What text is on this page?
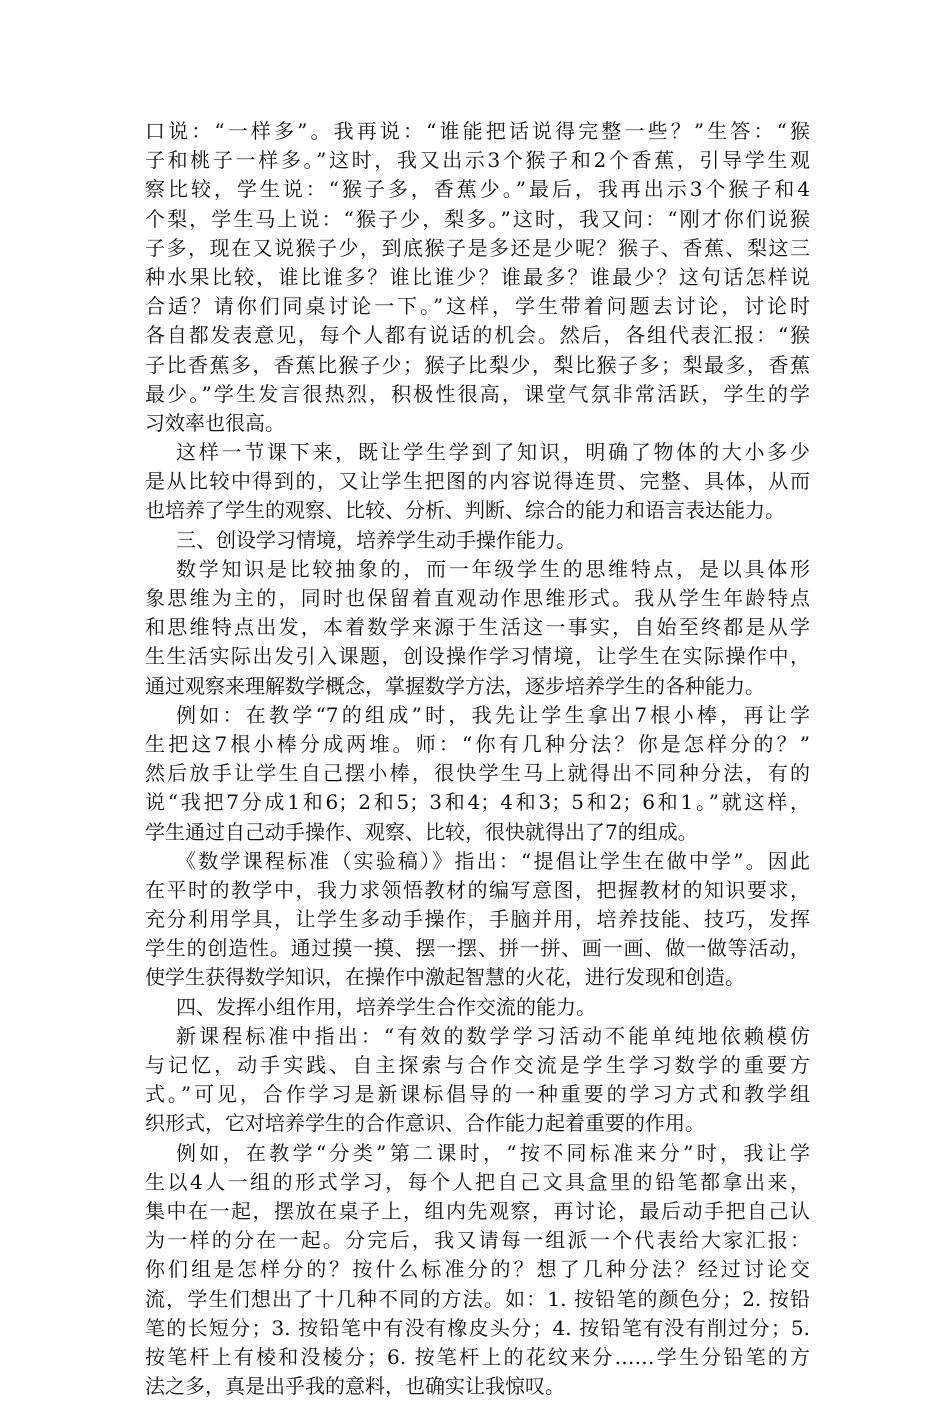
口说：“一样多”。我再说：“谁能把话说得完整一些？”生答：“猴
子和桃子一样多。”这时，我又出示3个猴子和2个香蕉，引导学生观
察比较，学生说：“猴子多，香蕉少。”最后，我再出示3个猴子和4
个梨，学生马上说：“猴子少，梨多。”这时，我又问：“刚才你们说猴
子多，现在又说猴子少，到底猴子是多还是少呢？猴子、香蕉、梨这三
种水果比较，谁比谁多？谁比谁少？谁最多？谁最少？这句话怎样说
合适？请你们同桌讨论一下。”这样，学生带着问题去讨论，讨论时
各自都发表意见，每个人都有说话的机会。然后，各组代表汇报：“猴
子比香蕉多，香蕉比猴子少；猴子比梨少，梨比猴子多；梨最多，香蕉
最少。”学生发言很热烈，积极性很高，课堂气氛非常活跃，学生的学
习效率也很高。
这样一节课下来，既让学生学到了知识，明确了物体的大小多少
是从比较中得到的，又让学生把图的内容说得连贯、完整、具体，从而
也培养了学生的观察、比较、分析、判断、综合的能力和语言表达能力。
三、创设学习情境，培养学生动手操作能力。
数学知识是比较抽象的，而一年级学生的思维特点，是以具体形
象思维为主的，同时也保留着直观动作思维形式。我从学生年龄特点
和思维特点出发，本着数学来源于生活这一事实，自始至终都是从学
生生活实际出发引入课题，创设操作学习情境，让学生在实际操作中，
通过观察来理解数学概念，掌握数学方法，逐步培养学生的各种能力。
例如：在教学“7的组成”时，我先让学生拿出7根小棒，再让学
生把这7根小棒分成两堆。师：“你有几种分法？你是怎样分的？”
然后放手让学生自己摆小棒，很快学生马上就得出不同种分法，有的
说“我把7分成1和6；2和5；3和4；4和3；5和2；6和1。”就这样，
学生通过自己动手操作、观察、比较，很快就得出了7的组成。
《数学课程标准（实验稿）》指出：“提倡让学生在做中学”。因此
在平时的教学中，我力求领悟教材的编写意图，把握教材的知识要求，
充分利用学具，让学生多动手操作，手脑并用，培养技能、技巧，发挥
学生的创造性。通过摸一摸、摆一摆、拼一拼、画一画、做一做等活动，
使学生获得数学知识，在操作中激起智慧的火花，进行发现和创造。
四、发挥小组作用，培养学生合作交流的能力。
新课程标准中指出：“有效的数学学习活动不能单纯地依赖模仿
与记忆，动手实践、自主探索与合作交流是学生学习数学的重要方
式。”可见，合作学习是新课标倡导的一种重要的学习方式和教学组
织形式，它对培养学生的合作意识、合作能力起着重要的作用。
例如，在教学“分类”第二课时，“按不同标准来分”时，我让学
生以4人一组的形式学习，每个人把自己文具盒里的铅笔都拿出来，
集中在一起，摆放在桌子上，组内先观察，再讨论，最后动手把自己认
为一样的分在一起。分完后，我又请每一组派一个代表给大家汇报：
你们组是怎样分的？按什么标准分的？想了几种分法？经过讨论交
流，学生们想出了十几种不同的方法。如：1. 按铅笔的颜色分；2. 按铅
笔的长短分；3. 按铅笔中有没有橡皮头分；4. 按铅笔有没有削过分；5.
按笔杆上有棱和没棱分；6. 按笔杆上的花纹来分……学生分铅笔的方
法之多，真是出乎我的意料，也确实让我惊叹。
